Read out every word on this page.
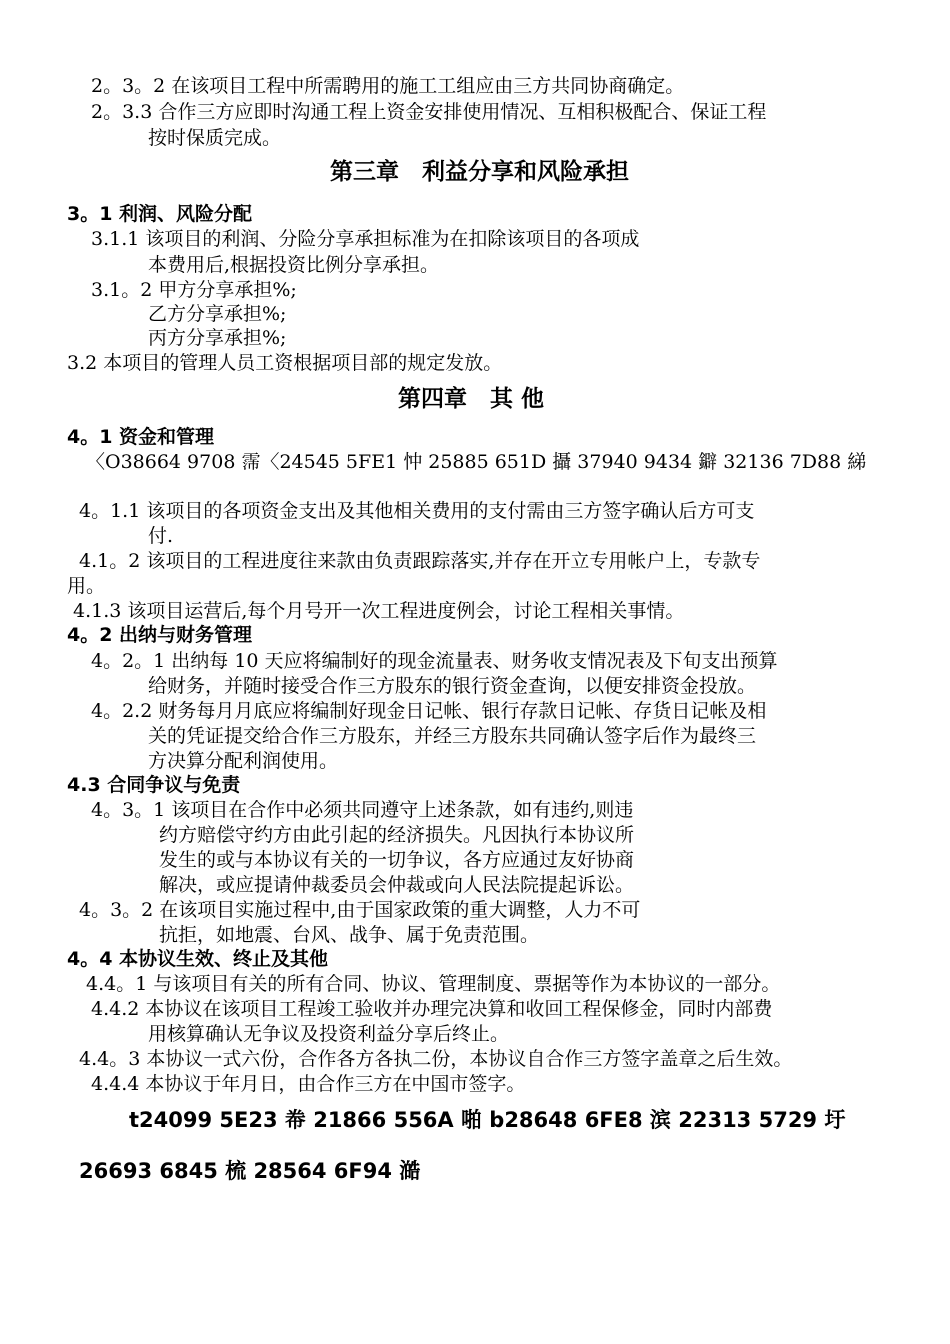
2。3。2 在该项目工程中所需聘用的施工工组应由三方共同协商确定。
2。3.3 合作三方应即时沟通工程上资金安排使用情况、互相积极配合、保证工程
按时保质完成。
第三章　利益分享和风险承担
3。1 利润、风险分配
3.1.1 该项目的利润、分险分享承担标准为在扣除该项目的各项成
本费用后,根据投资比例分享承担。
3.1。2 甲方分享承担%;
乙方分享承担%;
丙方分享承担%;
3.2 本项目的管理人员工资根据项目部的规定发放。
第四章　其 他
4。1 资金和管理
〈O38664 9708 霈〈24545 5FE1 忡 25885 651D 攝 37940 9434 鐴 32136 7D88 綈
4。1.1 该项目的各项资金支出及其他相关费用的支付需由三方签字确认后方可支
付.
4.1。2 该项目的工程进度往来款由负责跟踪落实,并存在开立专用帐户上，专款专
用。
4.1.3 该项目运营后,每个月号开一次工程进度例会，讨论工程相关事情。
4。2 出纳与财务管理
4。2。1 出纳每 10 天应将编制好的现金流量表、财务收支情况表及下旬支出预算
给财务，并随时接受合作三方股东的银行资金查询，以便安排资金投放。
4。2.2 财务每月月底应将编制好现金日记帐、银行存款日记帐、存货日记帐及相
关的凭证提交给合作三方股东，并经三方股东共同确认签字后作为最终三
方决算分配利润使用。
4.3 合同争议与免责
4。3。1 该项目在合作中必须共同遵守上述条款，如有违约,则违
约方赔偿守约方由此引起的经济损失。凡因执行本协议所
发生的或与本协议有关的一切争议，各方应通过友好协商
解决，或应提请仲裁委员会仲裁或向人民法院提起诉讼。
4。3。2 在该项目实施过程中,由于国家政策的重大调整，人力不可
抗拒，如地震、台风、战争、属于免责范围。
4。4 本协议生效、终止及其他
4.4。1 与该项目有关的所有合同、协议、管理制度、票据等作为本协议的一部分。
4.4.2 本协议在该项目工程竣工验收并办理完决算和收回工程保修金，同时内部费
用核算确认无争议及投资利益分享后终止。
4.4。3 本协议一式六份，合作各方各执二份，本协议自合作三方签字盖章之后生效。
4.4.4 本协议于年月日，由合作三方在中国市签字。
t24099 5E23 帣 21866 556A 啪 b28648 6FE8 滨 22313 5729 圩
26693 6845 梳 28564 6F94 澔
